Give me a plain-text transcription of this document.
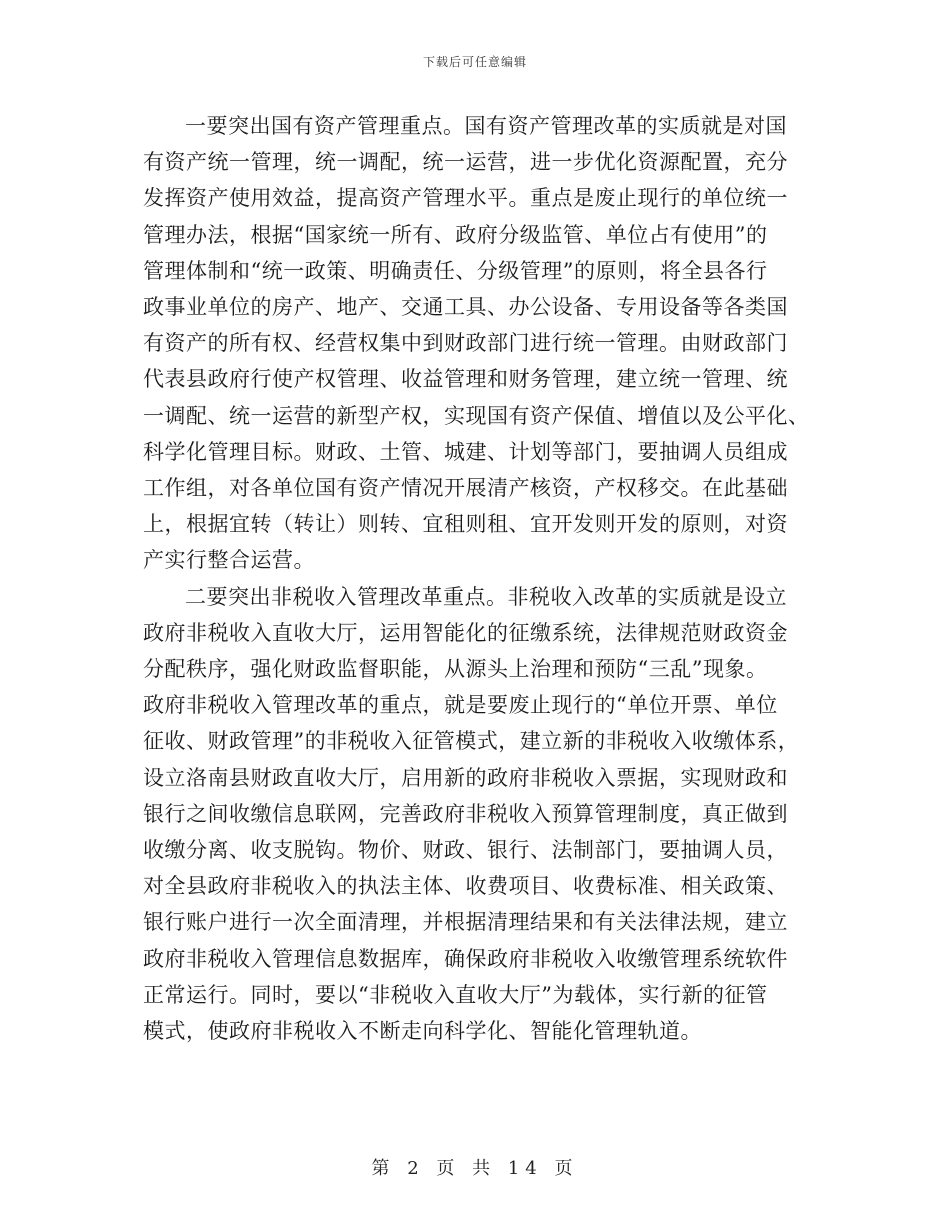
下载后可任意编辑
一要突出国有资产管理重点。国有资产管理改革的实质就是对国
有资产统一管理，统一调配，统一运营，进一步优化资源配置，充分
发挥资产使用效益，提高资产管理水平。重点是废止现行的单位统一
管理办法，根据“国家统一所有、政府分级监管、单位占有使用”的
管理体制和“统一政策、明确责任、分级管理”的原则，将全县各行
政事业单位的房产、地产、交通工具、办公设备、专用设备等各类国
有资产的所有权、经营权集中到财政部门进行统一管理。由财政部门
代表县政府行使产权管理、收益管理和财务管理，建立统一管理、统
一调配、统一运营的新型产权，实现国有资产保值、增值以及公平化、
科学化管理目标。财政、土管、城建、计划等部门，要抽调人员组成
工作组，对各单位国有资产情况开展清产核资，产权移交。在此基础
上，根据宜转（转让）则转、宜租则租、宜开发则开发的原则，对资
产实行整合运营。
二要突出非税收入管理改革重点。非税收入改革的实质就是设立
政府非税收入直收大厅，运用智能化的征缴系统，法律规范财政资金
分配秩序，强化财政监督职能，从源头上治理和预防“三乱”现象。
政府非税收入管理改革的重点，就是要废止现行的“单位开票、单位
征收、财政管理”的非税收入征管模式，建立新的非税收入收缴体系，
设立洛南县财政直收大厅，启用新的政府非税收入票据，实现财政和
银行之间收缴信息联网，完善政府非税收入预算管理制度，真正做到
收缴分离、收支脱钩。物价、财政、银行、法制部门，要抽调人员，
对全县政府非税收入的执法主体、收费项目、收费标准、相关政策、
银行账户进行一次全面清理，并根据清理结果和有关法律法规，建立
政府非税收入管理信息数据库，确保政府非税收入收缴管理系统软件
正常运行。同时，要以“非税收入直收大厅”为载体，实行新的征管
模式，使政府非税收入不断走向科学化、智能化管理轨道。
第 2 页 共 14 页
